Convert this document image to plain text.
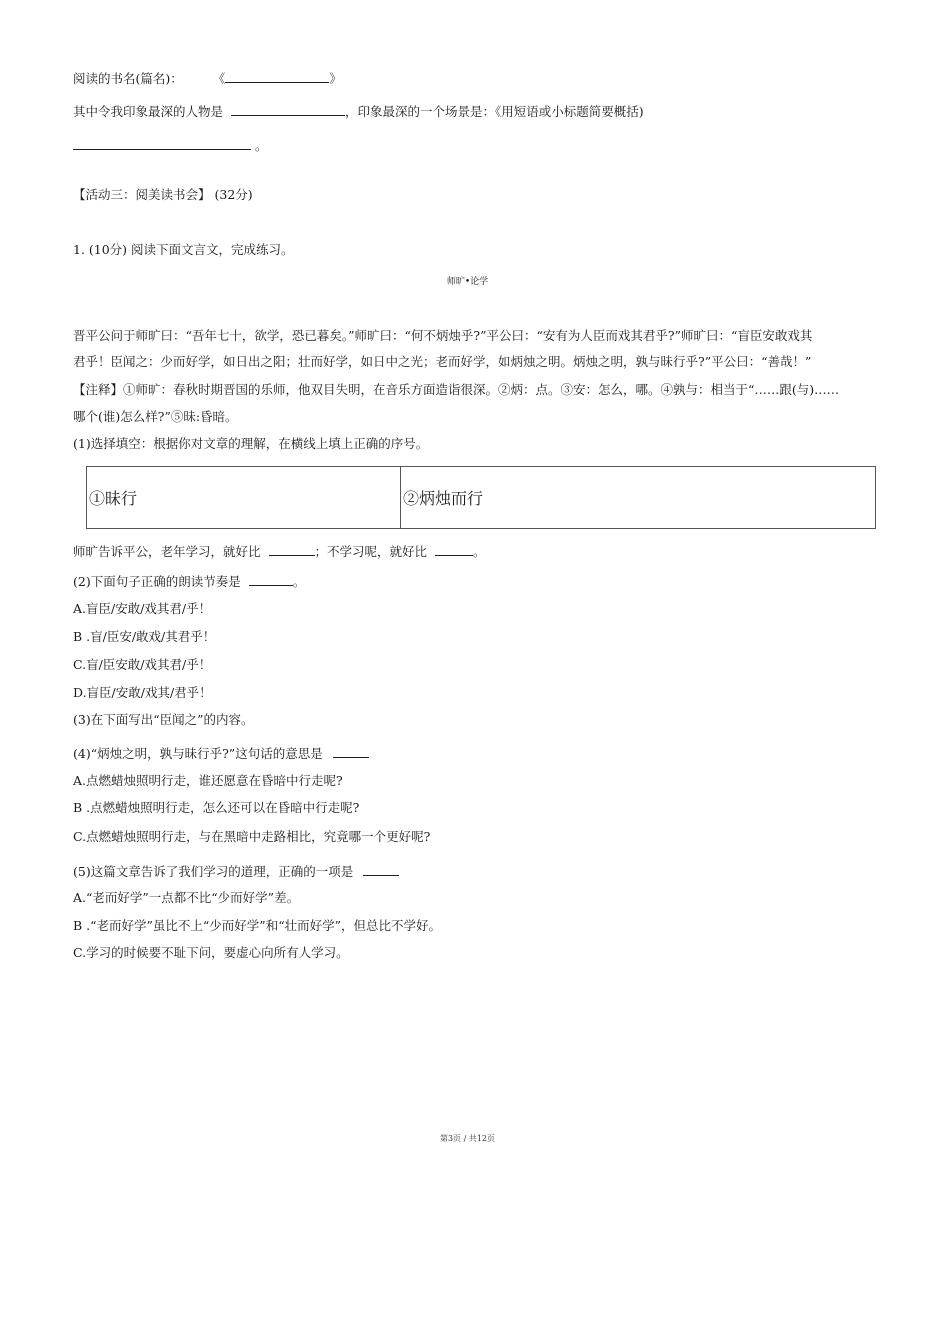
阅读的书名(篇名)： 《	》
其中令我印象最深的人物是	，印象最深的一个场景是：《用短语或小标题简要概括)
。
【活动三：阅美读书会】 (32分)
1. (10分) 阅读下面文言文，完成练习。
师旷•论学
晋平公问于师旷曰：“吾年七十，欲学，恐已暮矣。”师旷曰：“何不炳烛乎?”平公曰：“安有为人臣而戏其君乎?”师旷曰：“盲臣安敢戏其
君乎！臣闻之：少而好学，如日出之阳；壮而好学，如日中之光；老而好学，如炳烛之明。炳烛之明，孰与昧行乎?”平公曰：“善哉！”
【注释】①师旷：春秋时期晋国的乐师，他双目失明，在音乐方面造诣很深。②炳：点。③安：怎么，哪。④孰与：相当于“……跟(与)……
哪个(谁)怎么样?”⑤昧:昏暗。
(1)选择填空：根据你对文章的理解，在横线上填上正确的序号。
①昧行	②炳烛而行
师旷告诉平公，老年学习，就好比	；不学习呢，就好比	。
(2)下面句子正确的朗读节奏是	。
A.盲臣/安敢/戏其君/乎！
B .盲/臣安/敢戏/其君乎！
C.盲/臣安敢/戏其君/乎！
D.盲臣/安敢/戏其/君乎！
(3)在下面写出“臣闻之”的内容。
(4)“炳烛之明，孰与昧行乎?”这句话的意思是
A.点燃蜡烛照明行走，谁还愿意在昏暗中行走呢?
B .点燃蜡烛照明行走，怎么还可以在昏暗中行走呢?
C.点燃蜡烛照明行走，与在黑暗中走路相比，究竟哪一个更好呢?
(5)这篇文章告诉了我们学习的道理，正确的一项是
A.“老而好学”一点都不比“少而好学”差。
B .“老而好学”虽比不上“少而好学”和“壮而好学”，但总比不学好。
C.学习的时候要不耻下问，要虚心向所有人学习。
第3页 / 共12页
